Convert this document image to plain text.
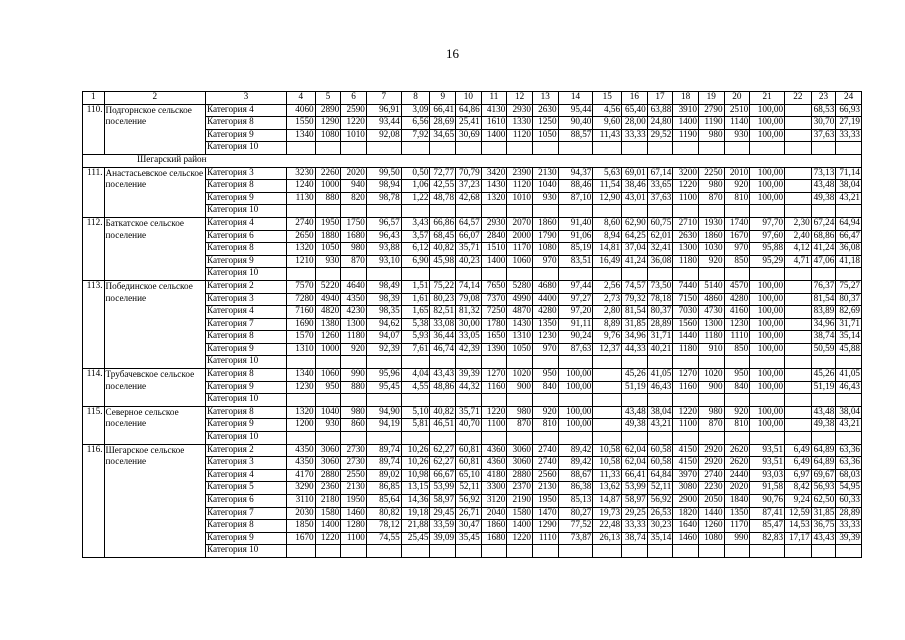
16
1	2	3	4	5	6	7	8	9	10	11	12	13	14	15	16	17	18	19	20	21	22	23	24
110.	Подгорнское сельское поселение	Категория 4	4060	2890	2590	96,91	3,09	66,41	64,86	4130	2930	2630	95,44	4,56	65,40	63,88	3910	2790	2510	100,00		68,53	66,93
		Категория 8	1550	1290	1220	93,44	6,56	28,69	25,41	1610	1330	1250	90,40	9,60	28,00	24,80	1400	1190	1140	100,00		30,70	27,19
		Категория 9	1340	1080	1010	92,08	7,92	34,65	30,69	1400	1120	1050	88,57	11,43	33,33	29,52	1190	980	930	100,00		37,63	33,33
		Категория 10																					
Шегарский район																							
111.	Анастасьевское сельское поселение	Категория 3	3230	2260	2020	99,50	0,50	72,77	70,79	3420	2390	2130	94,37	5,63	69,01	67,14	3200	2250	2010	100,00		73,13	71,14
		Категория 8	1240	1000	940	98,94	1,06	42,55	37,23	1430	1120	1040	88,46	11,54	38,46	33,65	1220	980	920	100,00		43,48	38,04
		Категория 9	1130	880	820	98,78	1,22	48,78	42,68	1320	1010	930	87,10	12,90	43,01	37,63	1100	870	810	100,00		49,38	43,21
		Категория 10																					
112.	Баткатское сельское поселение	Категория 4	2740	1950	1750	96,57	3,43	66,86	64,57	2930	2070	1860	91,40	8,60	62,90	60,75	2710	1930	1740	97,70	2,30	67,24	64,94
		Категория 6	2650	1880	1680	96,43	3,57	68,45	66,07	2840	2000	1790	91,06	8,94	64,25	62,01	2630	1860	1670	97,60	2,40	68,86	66,47
		Категория 8	1320	1050	980	93,88	6,12	40,82	35,71	1510	1170	1080	85,19	14,81	37,04	32,41	1300	1030	970	95,88	4,12	41,24	36,08
		Категория 9	1210	930	870	93,10	6,90	45,98	40,23	1400	1060	970	83,51	16,49	41,24	36,08	1180	920	850	95,29	4,71	47,06	41,18
		Категория 10																					
113.	Побединское сельское поселение	Категория 2	7570	5220	4640	98,49	1,51	75,22	74,14	7650	5280	4680	97,44	2,56	74,57	73,50	7440	5140	4570	100,00		76,37	75,27
		Категория 3	7280	4940	4350	98,39	1,61	80,23	79,08	7370	4990	4400	97,27	2,73	79,32	78,18	7150	4860	4280	100,00		81,54	80,37
		Категория 4	7160	4820	4230	98,35	1,65	82,51	81,32	7250	4870	4280	97,20	2,80	81,54	80,37	7030	4730	4160	100,00		83,89	82,69
		Категория 7	1690	1380	1300	94,62	5,38	33,08	30,00	1780	1430	1350	91,11	8,89	31,85	28,89	1560	1300	1230	100,00		34,96	31,71
		Категория 8	1570	1260	1180	94,07	5,93	36,44	33,05	1650	1310	1230	90,24	9,76	34,96	31,71	1440	1180	1110	100,00		38,74	35,14
		Категория 9	1310	1000	920	92,39	7,61	46,74	42,39	1390	1050	970	87,63	12,37	44,33	40,21	1180	910	850	100,00		50,59	45,88
		Категория 10																					
114.	Трубачевское сельское поселение	Категория 8	1340	1060	990	95,96	4,04	43,43	39,39	1270	1020	950	100,00		45,26	41,05	1270	1020	950	100,00		45,26	41,05
		Категория 9	1230	950	880	95,45	4,55	48,86	44,32	1160	900	840	100,00		51,19	46,43	1160	900	840	100,00		51,19	46,43
		Категория 10																					
115.	Северное сельское поселение	Категория 8	1320	1040	980	94,90	5,10	40,82	35,71	1220	980	920	100,00		43,48	38,04	1220	980	920	100,00		43,48	38,04
		Категория 9	1200	930	860	94,19	5,81	46,51	40,70	1100	870	810	100,00		49,38	43,21	1100	870	810	100,00		49,38	43,21
		Категория 10																					
116.	Шегарское сельское поселение	Категория 2	4350	3060	2730	89,74	10,26	62,27	60,81	4360	3060	2740	89,42	10,58	62,04	60,58	4150	2920	2620	93,51	6,49	64,89	63,36
		Категория 3	4350	3060	2730	89,74	10,26	62,27	60,81	4360	3060	2740	89,42	10,58	62,04	60,58	4150	2920	2620	93,51	6,49	64,89	63,36
		Категория 4	4170	2880	2550	89,02	10,98	66,67	65,10	4180	2880	2560	88,67	11,33	66,41	64,84	3970	2740	2440	93,03	6,97	69,67	68,03
		Категория 5	3290	2360	2130	86,85	13,15	53,99	52,11	3300	2370	2130	86,38	13,62	53,99	52,11	3080	2230	2020	91,58	8,42	56,93	54,95
		Категория 6	3110	2180	1950	85,64	14,36	58,97	56,92	3120	2190	1950	85,13	14,87	58,97	56,92	2900	2050	1840	90,76	9,24	62,50	60,33
		Категория 7	2030	1580	1460	80,82	19,18	29,45	26,71	2040	1580	1470	80,27	19,73	29,25	26,53	1820	1440	1350	87,41	12,59	31,85	28,89
		Категория 8	1850	1400	1280	78,12	21,88	33,59	30,47	1860	1400	1290	77,52	22,48	33,33	30,23	1640	1260	1170	85,47	14,53	36,75	33,33
		Категория 9	1670	1220	1100	74,55	25,45	39,09	35,45	1680	1220	1110	73,87	26,13	38,74	35,14	1460	1080	990	82,83	17,17	43,43	39,39
		Категория 10																					
